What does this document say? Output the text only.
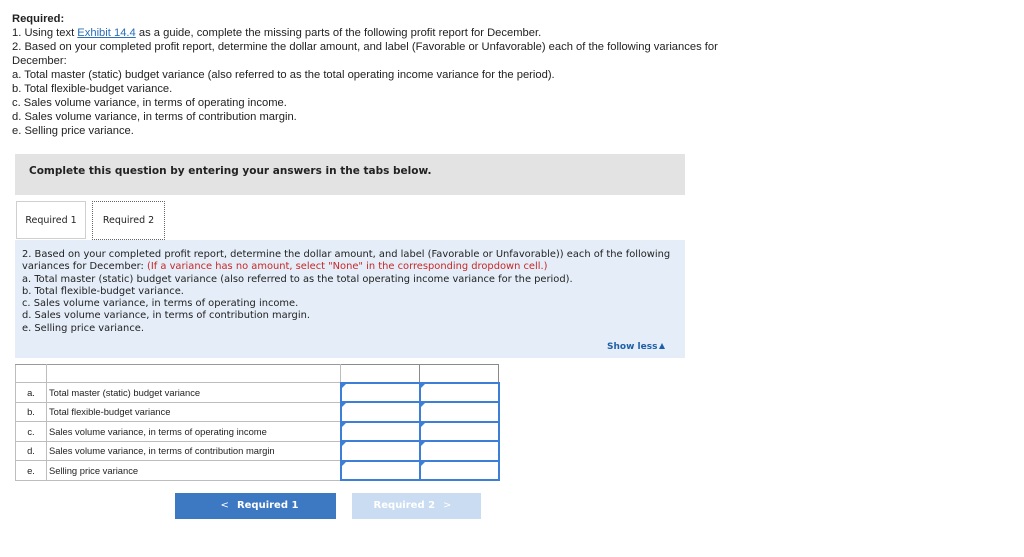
Required:
1. Using text Exhibit 14.4 as a guide, complete the missing parts of the following profit report for December.
2. Based on your completed profit report, determine the dollar amount, and label (Favorable or Unfavorable) each of the following variances for December:
a. Total master (static) budget variance (also referred to as the total operating income variance for the period).
b. Total flexible-budget variance.
c. Sales volume variance, in terms of operating income.
d. Sales volume variance, in terms of contribution margin.
e. Selling price variance.
Complete this question by entering your answers in the tabs below.
Required 1	Required 2
2. Based on your completed profit report, determine the dollar amount, and label (Favorable or Unfavorable)) each of the following variances for December: (If a variance has no amount, select "None" in the corresponding dropdown cell.)
a. Total master (static) budget variance (also referred to as the total operating income variance for the period).
b. Total flexible-budget variance.
c. Sales volume variance, in terms of operating income.
d. Sales volume variance, in terms of contribution margin.
e. Selling price variance.
Show less

a.	Total master (static) budget variance	

b.	Total flexible-budget variance	

c.	Sales volume variance, in terms of operating income	

d.	Sales volume variance, in terms of contribution margin	

e.	Selling price variance	

< Required 1	Required 2 >
